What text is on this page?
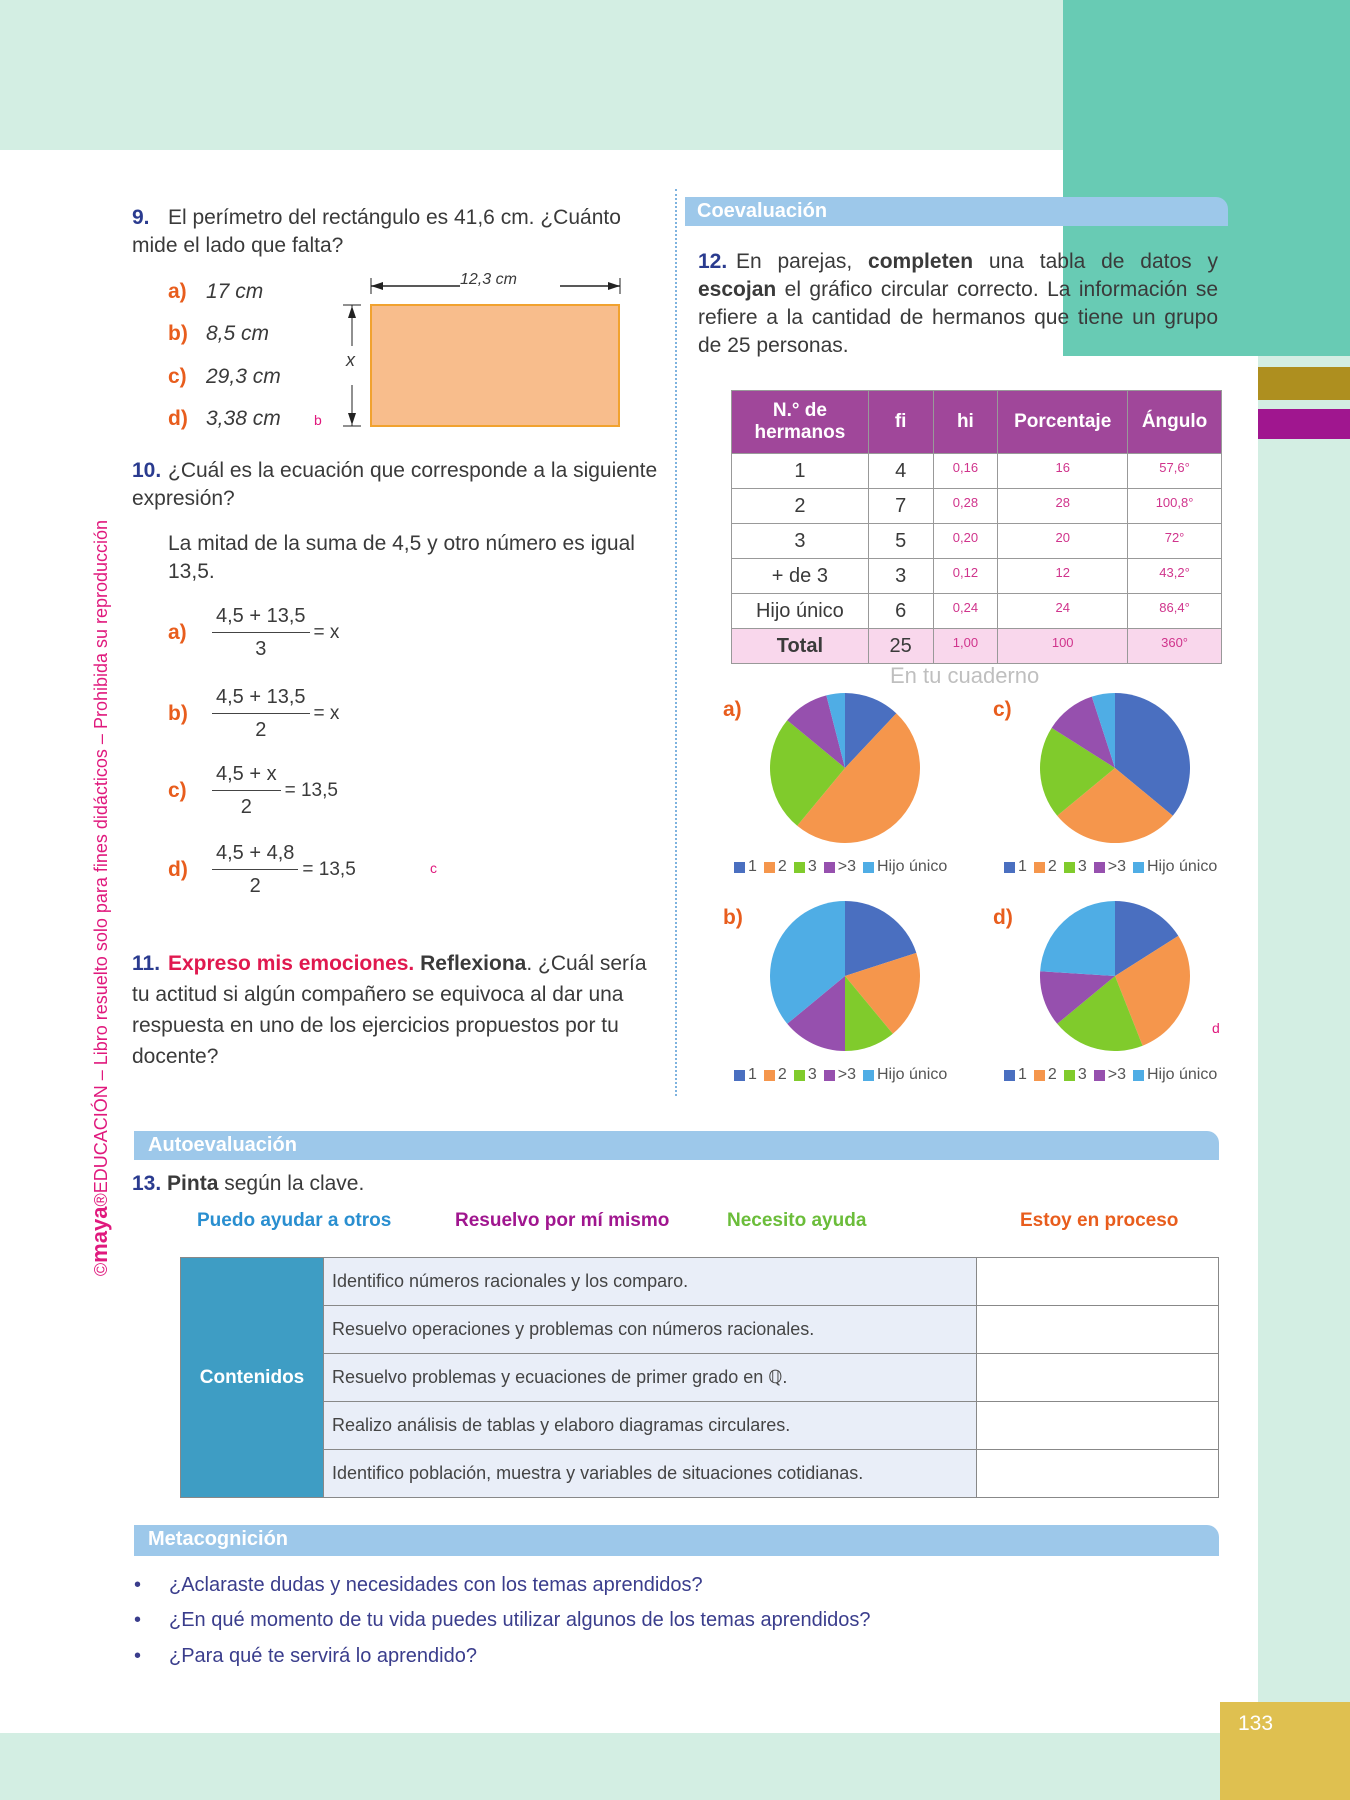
133
©maya®EDUCACIÓN – Libro resuelto solo para fines didácticos – Prohibida su reproducción
9. El perímetro del rectángulo es 41,6 cm. ¿Cuánto mide el lado que falta?
a) 17 cm
b) 8,5 cm
c) 29,3 cm
d) 3,38 cm b
12,3 cm
x
10. ¿Cuál es la ecuación que corresponde a la siguiente expresión?
La mitad de la suma de 4,5 y otro número es igual 13,5.
a)	$\frac{4,5 + 13,5}{3} = x$
b)	$\frac{4,5 + 13,5}{2} = x$
c)	$\frac{4,5 + x}{2} = 13,5$
d)	$\frac{4,5 + 4,8}{2} = 13,5$	c
11. Expreso mis emociones. Reflexiona. ¿Cuál sería tu actitud si algún compañero se equivoca al dar una respuesta en uno de los ejercicios propuestos por tu docente?
Coevaluación
12. En parejas, completen una tabla de datos y escojan el gráfico circular correcto. La información se refiere a la cantidad de hermanos que tiene un grupo de 25 personas.
N.° de hermanos	fi	hi	Porcentaje	Ángulo
1	4	0,16	16	57,6°
2	7	0,28	28	100,8°
3	5	0,20	20	72°
+ de 3	3	0,12	12	43,2°
Hijo único	6	0,24	24	86,4°
Total	25	1,00	100	360°
En tu cuaderno
a)
1 2 3 >3 Hijo único
c)
1 2 3 >3 Hijo único
b)
1 2 3 >3 Hijo único
d)
1 2 3 >3 Hijo único
d
Autoevaluación
13. Pinta según la clave.
Puedo ayudar a otros	Resuelvo por mí mismo	Necesito ayuda	Estoy en proceso
Contenidos	Identifico números racionales y los comparo.	
	Resuelvo operaciones y problemas con números racionales.	
	Resuelvo problemas y ecuaciones de primer grado en ℚ.	
	Realizo análisis de tablas y elaboro diagramas circulares.	
	Identifico población, muestra y variables de situaciones cotidianas.	
Metacognición
• ¿Aclaraste dudas y necesidades con los temas aprendidos?
• ¿En qué momento de tu vida puedes utilizar algunos de los temas aprendidos?
• ¿Para qué te servirá lo aprendido?
